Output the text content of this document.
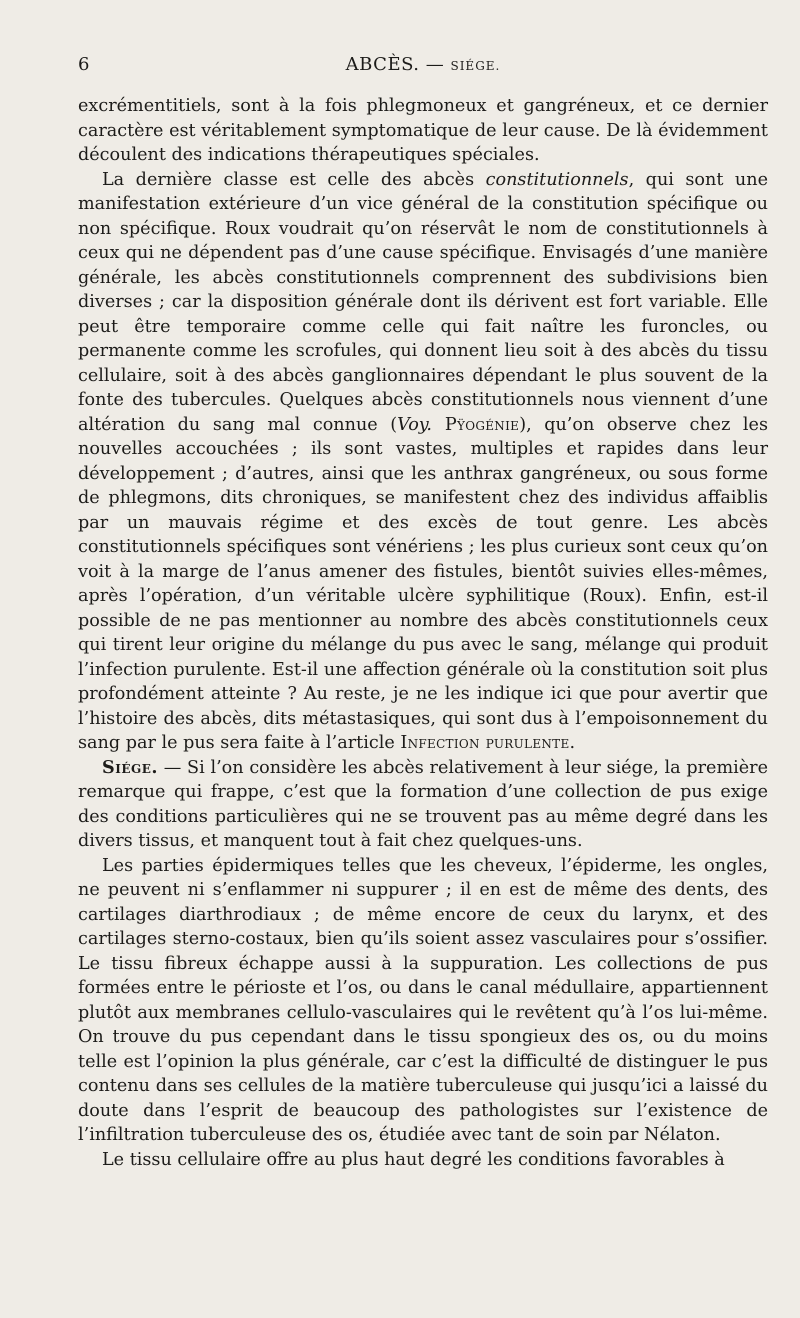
6	ABCÈS. — SIÉGE.

excrémentitiels, sont à la fois phlegmoneux et gangréneux, et ce dernier caractère est véritablement symptomatique de leur cause. De là évidemment découlent des indications thérapeutiques spéciales.

La dernière classe est celle des abcès constitutionnels, qui sont une manifestation extérieure d’un vice général de la constitution spécifique ou non spécifique. Roux voudrait qu’on réservât le nom de constitutionnels à ceux qui ne dépendent pas d’une cause spécifique. Envisagés d’une manière générale, les abcès constitutionnels comprennent des subdivisions bien diverses ; car la disposition générale dont ils dérivent est fort variable. Elle peut être temporaire comme celle qui fait naître les furoncles, ou permanente comme les scrofules, qui donnent lieu soit à des abcès du tissu cellulaire, soit à des abcès ganglionnaires dépendant le plus souvent de la fonte des tubercules. Quelques abcès constitutionnels nous viennent d’une altération du sang mal connue (Voy. Pÿogénie), qu’on observe chez les nouvelles accouchées ; ils sont vastes, multiples et rapides dans leur développement ; d’autres, ainsi que les anthrax gangréneux, ou sous forme de phlegmons, dits chroniques, se manifestent chez des individus affaiblis par un mauvais régime et des excès de tout genre. Les abcès constitutionnels spécifiques sont vénériens ; les plus curieux sont ceux qu’on voit à la marge de l’anus amener des fistules, bientôt suivies elles-mêmes, après l’opération, d’un véritable ulcère syphilitique (Roux). Enfin, est-il possible de ne pas mentionner au nombre des abcès constitutionnels ceux qui tirent leur origine du mélange du pus avec le sang, mélange qui produit l’infection purulente. Est-il une affection générale où la constitution soit plus profondément atteinte ? Au reste, je ne les indique ici que pour avertir que l’histoire des abcès, dits métastasiques, qui sont dus à l’empoisonnement du sang par le pus sera faite à l’article Infection purulente.

Siége. — Si l’on considère les abcès relativement à leur siége, la première remarque qui frappe, c’est que la formation d’une collection de pus exige des conditions particulières qui ne se trouvent pas au même degré dans les divers tissus, et manquent tout à fait chez quelques-uns.

Les parties épidermiques telles que les cheveux, l’épiderme, les ongles, ne peuvent ni s’enflammer ni suppurer ; il en est de même des dents, des cartilages diarthrodiaux ; de même encore de ceux du larynx, et des cartilages sterno-costaux, bien qu’ils soient assez vasculaires pour s’ossifier. Le tissu fibreux échappe aussi à la suppuration. Les collections de pus formées entre le périoste et l’os, ou dans le canal médullaire, appartiennent plutôt aux membranes cellulo-vasculaires qui le revêtent qu’à l’os lui-même. On trouve du pus cependant dans le tissu spongieux des os, ou du moins telle est l’opinion la plus générale, car c’est la difficulté de distinguer le pus contenu dans ses cellules de la matière tuberculeuse qui jusqu’ici a laissé du doute dans l’esprit de beaucoup des pathologistes sur l’existence de l’infiltration tuberculeuse des os, étudiée avec tant de soin par Nélaton.

Le tissu cellulaire offre au plus haut degré les conditions favorables à
